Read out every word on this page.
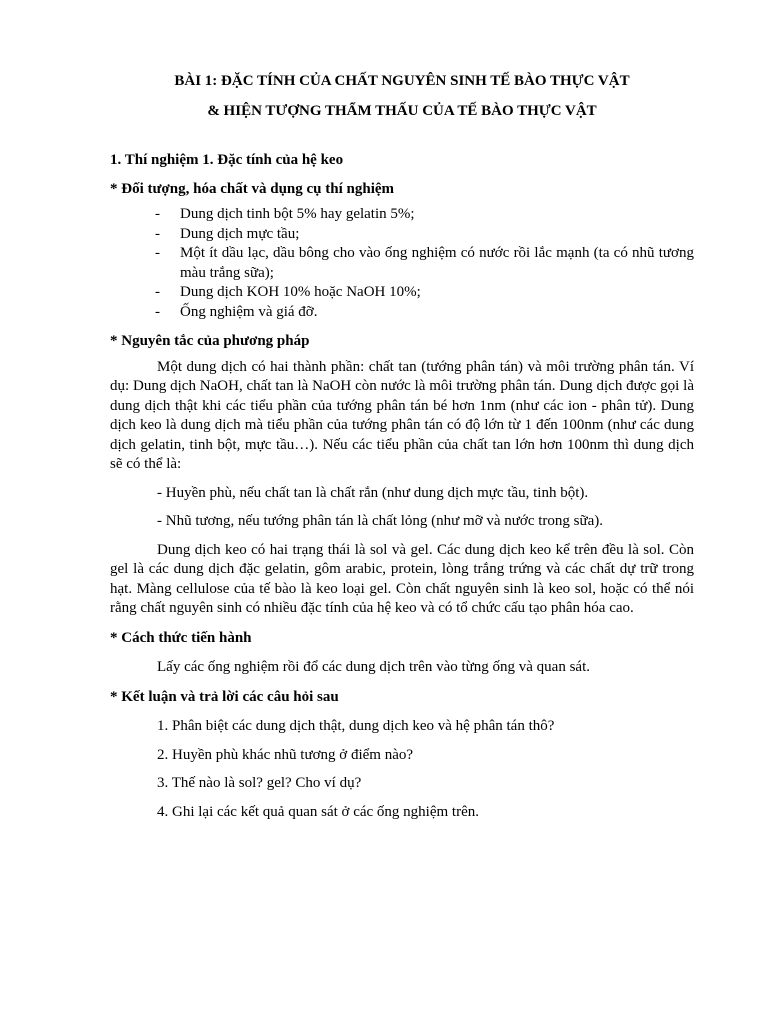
BÀI 1: ĐẶC TÍNH CỦA CHẤT NGUYÊN SINH TẾ BÀO THỰC VẬT

& HIỆN TƯỢNG THẨM THẤU CỦA TẾ BÀO THỰC VẬT

1. Thí nghiệm 1. Đặc tính của hệ keo

* Đối tượng, hóa chất và dụng cụ thí nghiệm

- Dung dịch tinh bột 5% hay gelatin 5%;
- Dung dịch mực tầu;
- Một ít dầu lạc, dầu bông cho vào ống nghiệm có nước rồi lắc mạnh (ta có nhũ tương màu trắng sữa);
- Dung dịch KOH 10% hoặc NaOH 10%;
- Ống nghiệm và giá đỡ.

* Nguyên tắc của phương pháp

Một dung dịch có hai thành phần: chất tan (tướng phân tán) và môi trường phân tán. Ví dụ: Dung dịch NaOH, chất tan là NaOH còn nước là môi trường phân tán. Dung dịch được gọi là dung dịch thật khi các tiểu phần của tướng phân tán bé hơn 1nm (như các ion - phân tử). Dung dịch keo là dung dịch mà tiểu phần của tướng phân tán có độ lớn từ 1 đến 100nm (như các dung dịch gelatin, tinh bột, mực tầu…). Nếu các tiểu phần của chất tan lớn hơn 100nm thì dung dịch sẽ có thể là:

- Huyền phù, nếu chất tan là chất rắn (như dung dịch mực tầu, tinh bột).

- Nhũ tương, nếu tướng phân tán là chất lỏng (như mỡ và nước trong sữa).

Dung dịch keo có hai trạng thái là sol và gel. Các dung dịch keo kể trên đều là sol. Còn gel là các dung dịch đặc gelatin, gôm arabic, protein, lòng trắng trứng và các chất dự trữ trong hạt. Màng cellulose của tế bào là keo loại gel. Còn chất nguyên sinh là keo sol, hoặc có thể nói rằng chất nguyên sinh có nhiều đặc tính của hệ keo và có tổ chức cấu tạo phân hóa cao.

* Cách thức tiến hành

Lấy các ống nghiệm rồi đổ các dung dịch trên vào từng ống và quan sát.

* Kết luận và trả lời các câu hỏi sau

1. Phân biệt các dung dịch thật, dung dịch keo và hệ phân tán thô?

2. Huyền phù khác nhũ tương ở điểm nào?

3. Thế nào là sol? gel? Cho ví dụ?

4. Ghi lại các kết quả quan sát ở các ống nghiệm trên.
